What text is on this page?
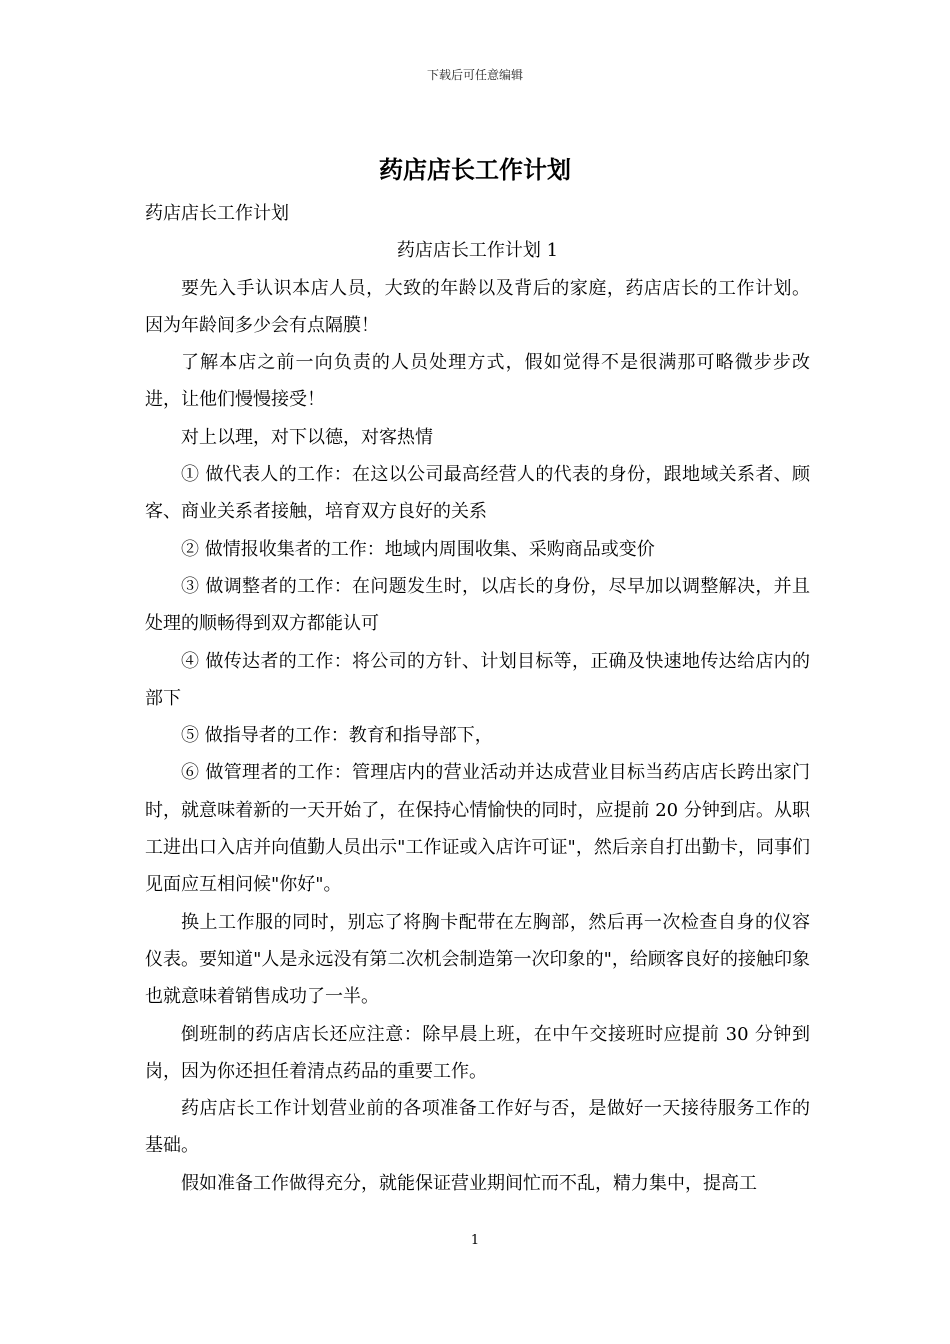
下载后可任意编辑
药店店长工作计划

药店店长工作计划

药店店长工作计划 1

要先入手认识本店人员，大致的年龄以及背后的家庭，药店店长的工作计划。因为年龄间多少会有点隔膜！

了解本店之前一向负责的人员处理方式，假如觉得不是很满那可略微步步改进，让他们慢慢接受！

对上以理，对下以德，对客热情

① 做代表人的工作：在这以公司最高经营人的代表的身份，跟地域关系者、顾客、商业关系者接触，培育双方良好的关系

② 做情报收集者的工作：地域内周围收集、采购商品或变价

③ 做调整者的工作：在问题发生时，以店长的身份，尽早加以调整解决，并且处理的顺畅得到双方都能认可

④ 做传达者的工作：将公司的方针、计划目标等，正确及快速地传达给店内的部下

⑤ 做指导者的工作：教育和指导部下，

⑥ 做管理者的工作：管理店内的营业活动并达成营业目标当药店店长跨出家门时，就意味着新的一天开始了，在保持心情愉快的同时，应提前 20 分钟到店。从职工进出口入店并向值勤人员出示"工作证或入店许可证"，然后亲自打出勤卡，同事们见面应互相问候"你好"。

换上工作服的同时，别忘了将胸卡配带在左胸部，然后再一次检查自身的仪容仪表。要知道"人是永远没有第二次机会制造第一次印象的"，给顾客良好的接触印象也就意味着销售成功了一半。

倒班制的药店店长还应注意：除早晨上班，在中午交接班时应提前 30 分钟到岗，因为你还担任着清点药品的重要工作。

药店店长工作计划营业前的各项准备工作好与否，是做好一天接待服务工作的基础。

假如准备工作做得充分，就能保证营业期间忙而不乱，精力集中，提高工

1
